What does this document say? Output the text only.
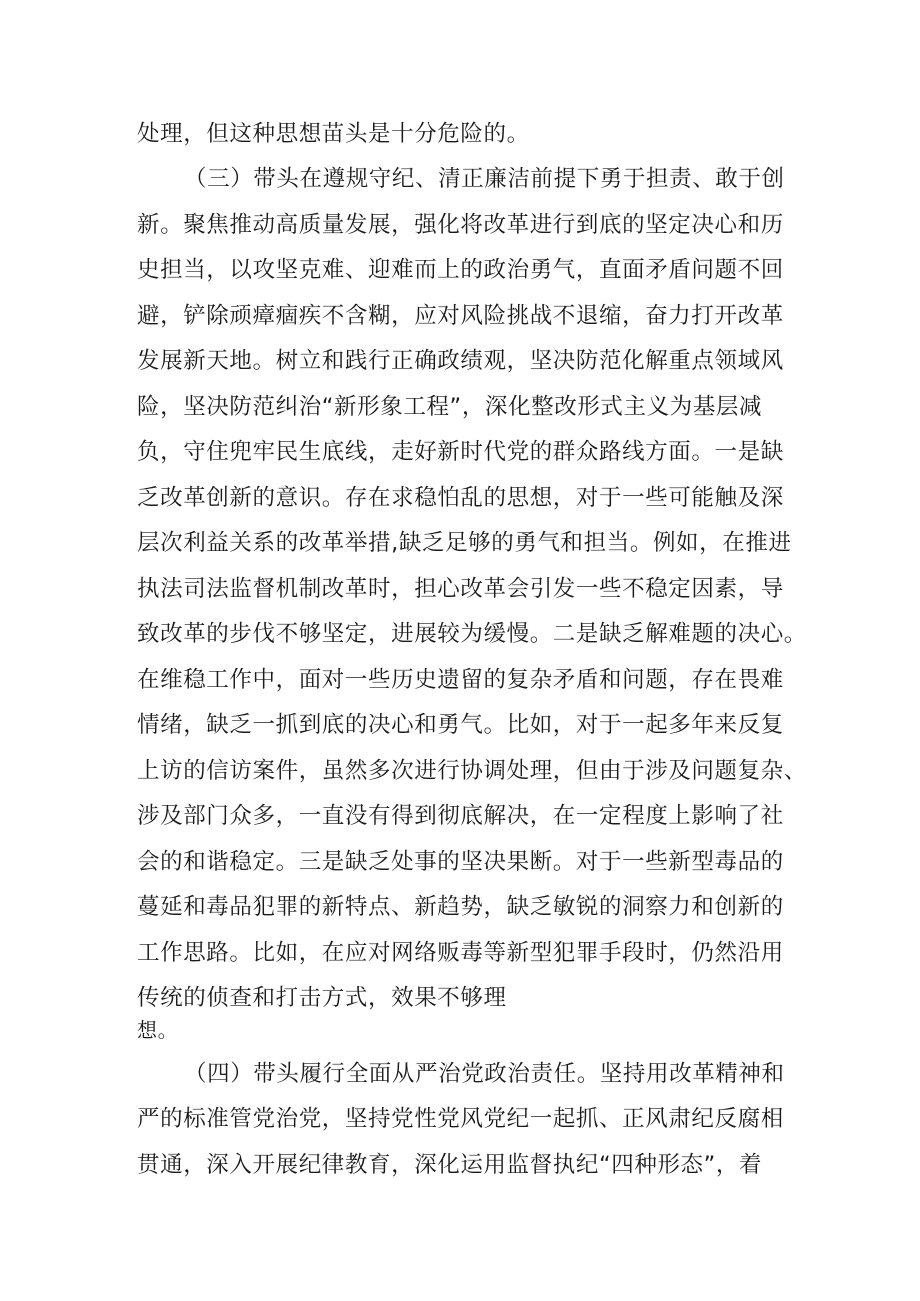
处理，但这种思想苗头是十分危险的。
（三）带头在遵规守纪、清正廉洁前提下勇于担责、敢于创
新。聚焦推动高质量发展，强化将改革进行到底的坚定决心和历
史担当，以攻坚克难、迎难而上的政治勇气，直面矛盾问题不回
避，铲除顽瘴痼疾不含糊，应对风险挑战不退缩，奋力打开改革
发展新天地。树立和践行正确政绩观，坚决防范化解重点领域风
险，坚决防范纠治“新形象工程”，深化整改形式主义为基层减
负，守住兜牢民生底线，走好新时代党的群众路线方面。一是缺
乏改革创新的意识。存在求稳怕乱的思想，对于一些可能触及深
层次利益关系的改革举措,缺乏足够的勇气和担当。例如，在推进
执法司法监督机制改革时，担心改革会引发一些不稳定因素，导
致改革的步伐不够坚定，进展较为缓慢。二是缺乏解难题的决心。
在维稳工作中，面对一些历史遗留的复杂矛盾和问题，存在畏难
情绪，缺乏一抓到底的决心和勇气。比如，对于一起多年来反复
上访的信访案件，虽然多次进行协调处理，但由于涉及问题复杂、
涉及部门众多，一直没有得到彻底解决，在一定程度上影响了社
会的和谐稳定。三是缺乏处事的坚决果断。对于一些新型毒品的
蔓延和毒品犯罪的新特点、新趋势，缺乏敏锐的洞察力和创新的
工作思路。比如，在应对网络贩毒等新型犯罪手段时，仍然沿用
传统的侦查和打击方式，效果不够理
想。
（四）带头履行全面从严治党政治责任。坚持用改革精神和
严的标准管党治党，坚持党性党风党纪一起抓、正风肃纪反腐相
贯通，深入开展纪律教育，深化运用监督执纪“四种形态”，着
